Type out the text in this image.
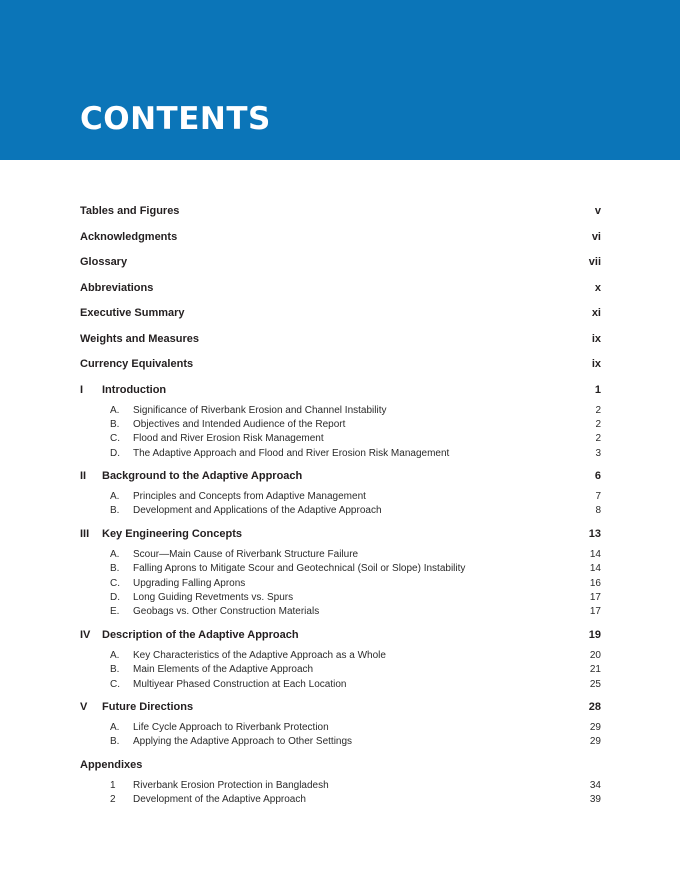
CONTENTS
Tables and Figures	v
Acknowledgments	vi
Glossary	vii
Abbreviations	x
Executive Summary	xi
Weights and Measures	ix
Currency Equivalents	ix
I	Introduction	1
A.	Significance of Riverbank Erosion and Channel Instability	2
B.	Objectives and Intended Audience of the Report	2
C.	Flood and River Erosion Risk Management	2
D.	The Adaptive Approach and Flood and River Erosion Risk Management	3
II	Background to the Adaptive Approach	6
A.	Principles and Concepts from Adaptive Management	7
B.	Development and Applications of the Adaptive Approach	8
III	Key Engineering Concepts	13
A.	Scour—Main Cause of Riverbank Structure Failure	14
B.	Falling Aprons to Mitigate Scour and Geotechnical (Soil or Slope) Instability	14
C.	Upgrading Falling Aprons	16
D.	Long Guiding Revetments vs. Spurs	17
E.	Geobags vs. Other Construction Materials	17
IV	Description of the Adaptive Approach	19
A.	Key Characteristics of the Adaptive Approach as a Whole	20
B.	Main Elements of the Adaptive Approach	21
C.	Multiyear Phased Construction at Each Location	25
V	Future Directions	28
A.	Life Cycle Approach to Riverbank Protection	29
B.	Applying the Adaptive Approach to Other Settings	29
Appendixes
1	Riverbank Erosion Protection in Bangladesh	34
2	Development of the Adaptive Approach	39
